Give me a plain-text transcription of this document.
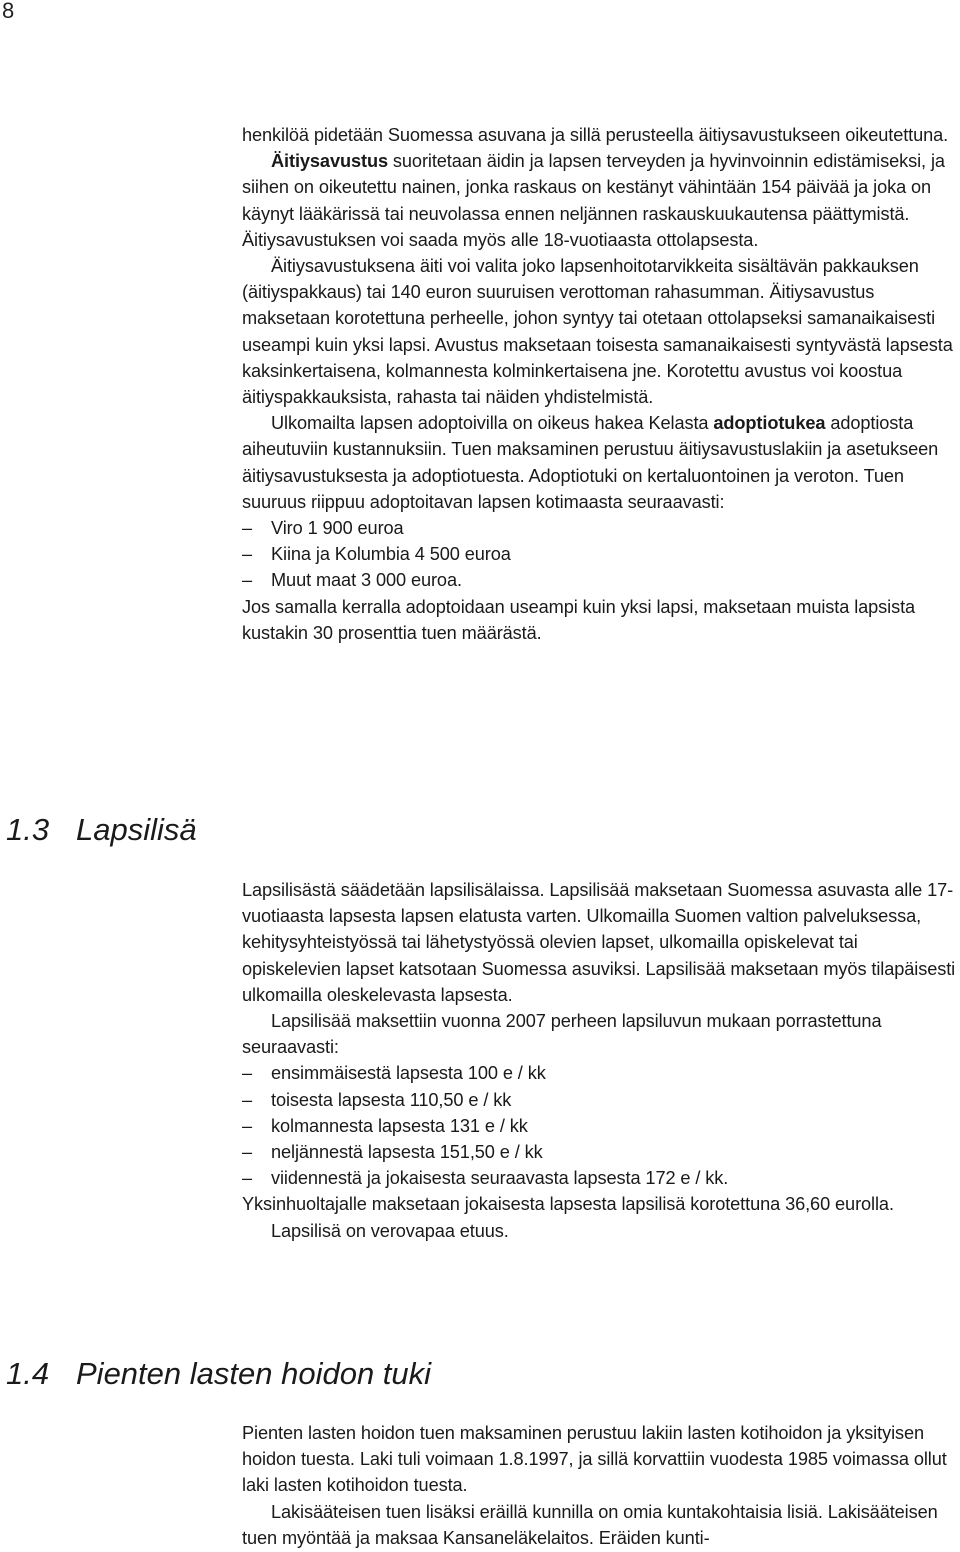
8

henkilöä pidetään Suomessa asuvana ja sillä perusteella äitiysavustukseen oikeutettuna.

Äitiysavustus suoritetaan äidin ja lapsen terveyden ja hyvinvoinnin edistämiseksi, ja siihen on oikeutettu nainen, jonka raskaus on kestänyt vähintään 154 päivää ja joka on käynyt lääkärissä tai neuvolassa ennen neljännen raskauskuukautensa päättymistä. Äitiysavustuksen voi saada myös alle 18-vuotiaasta ottolapsesta.

Äitiysavustuksena äiti voi valita joko lapsenhoitotarvikkeita sisältävän pakkauksen (äitiyspakkaus) tai 140 euron suuruisen verottoman rahasumman. Äitiysavustus maksetaan korotettuna perheelle, johon syntyy tai otetaan ottolapseksi samanaikaisesti useampi kuin yksi lapsi. Avustus maksetaan toisesta samanaikaisesti syntyvästä lapsesta kaksinkertaisena, kolmannesta kolminkertaisena jne. Korotettu avustus voi koostua äitiyspakkauksista, rahasta tai näiden yhdistelmistä.

Ulkomailta lapsen adoptoivilla on oikeus hakea Kelasta adoptiotukea adoptiosta aiheutuviin kustannuksiin. Tuen maksaminen perustuu äitiysavustuslakiin ja asetukseen äitiysavustuksesta ja adoptiotuesta. Adoptiotuki on kertaluontoinen ja veroton. Tuen suuruus riippuu adoptoitavan lapsen kotimaasta seuraavasti:

– Viro 1 900 euroa
– Kiina ja Kolumbia 4 500 euroa
– Muut maat 3 000 euroa.

Jos samalla kerralla adoptoidaan useampi kuin yksi lapsi, maksetaan muista lapsista kustakin 30 prosenttia tuen määrästä.

1.3 Lapsilisä

Lapsilisästä säädetään lapsilisälaissa. Lapsilisää maksetaan Suomessa asuvasta alle 17-vuotiaasta lapsesta lapsen elatusta varten. Ulkomailla Suomen valtion palveluksessa, kehitysyhteistyössä tai lähetystyössä olevien lapset, ulkomailla opiskelevat tai opiskelevien lapset katsotaan Suomessa asuviksi. Lapsilisää maksetaan myös tilapäisesti ulkomailla oleskelevasta lapsesta.

Lapsilisää maksettiin vuonna 2007 perheen lapsiluvun mukaan porrastettuna seuraavasti:

– ensimmäisestä lapsesta 100 e / kk
– toisesta lapsesta 110,50 e / kk
– kolmannesta lapsesta 131 e / kk
– neljännestä lapsesta 151,50 e / kk
– viidennestä ja jokaisesta seuraavasta lapsesta 172 e / kk.

Yksinhuoltajalle maksetaan jokaisesta lapsesta lapsilisä korotettuna 36,60 eurolla.

Lapsilisä on verovapaa etuus.

1.4 Pienten lasten hoidon tuki

Pienten lasten hoidon tuen maksaminen perustuu lakiin lasten kotihoidon ja yksityisen hoidon tuesta. Laki tuli voimaan 1.8.1997, ja sillä korvattiin vuodesta 1985 voimassa ollut laki lasten kotihoidon tuesta.

Lakisääteisen tuen lisäksi eräillä kunnilla on omia kuntakohtaisia lisiä. Lakisääteisen tuen myöntää ja maksaa Kansaneläkelaitos. Eräiden kunti-
